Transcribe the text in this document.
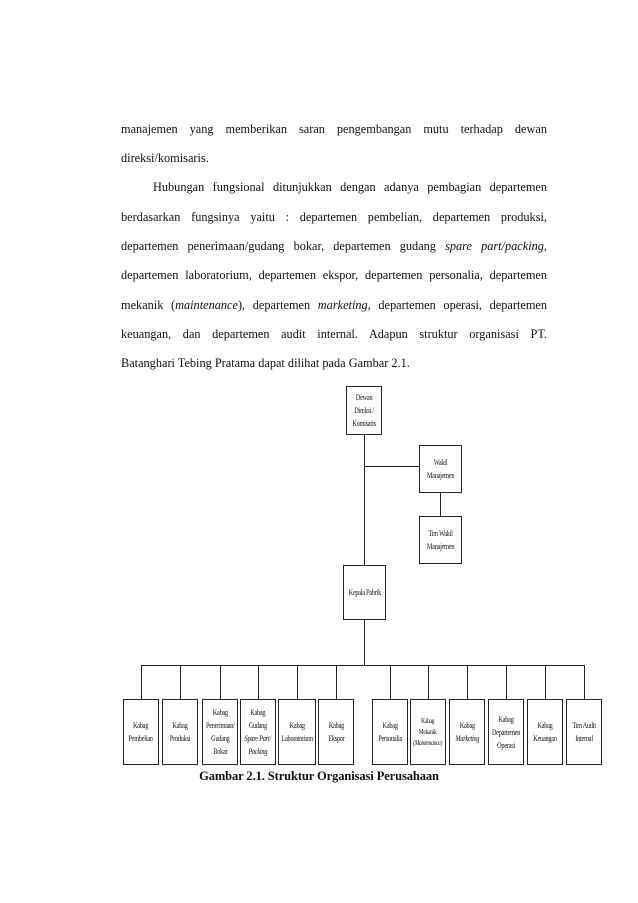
manajemen yang memberikan saran pengembangan mutu terhadap dewan
direksi/komisaris.
Hubungan fungsional ditunjukkan dengan adanya pembagian departemen
berdasarkan fungsinya yaitu : departemen pembelian, departemen produksi,
departemen penerimaan/gudang bokar, departemen gudang spare part/packing,
departemen laboratorium, departemen ekspor, departemen personalia, departemen
mekanik (maintenance), departemen marketing, departemen operasi, departemen
keuangan, dan departemen audit internal. Adapun struktur organisasi PT.
Batanghari Tebing Pratama dapat dilihat pada Gambar 2.1.
Dewan
Direksi /
Komisaris
Wakil
Manajemen
Tim Wakil
Manajemen
Kepala Pabrik
Kabag
Pembelian
Kabag
Produksi
Kabag
Penerimaan/
Gudang
Bokar
Kabag
Gudang
Spare Part/
Packing
Kabag
Laboratorium
Kabag
Ekspor
Kabag
Personalia
Kabag
Mekanik
(Maintenance)
Kabag
Marketing
Kabag
Departemen
Operasi
Kabag
Keuangan
Tim Audit
Internal
Gambar 2.1. Struktur Organisasi Perusahaan
